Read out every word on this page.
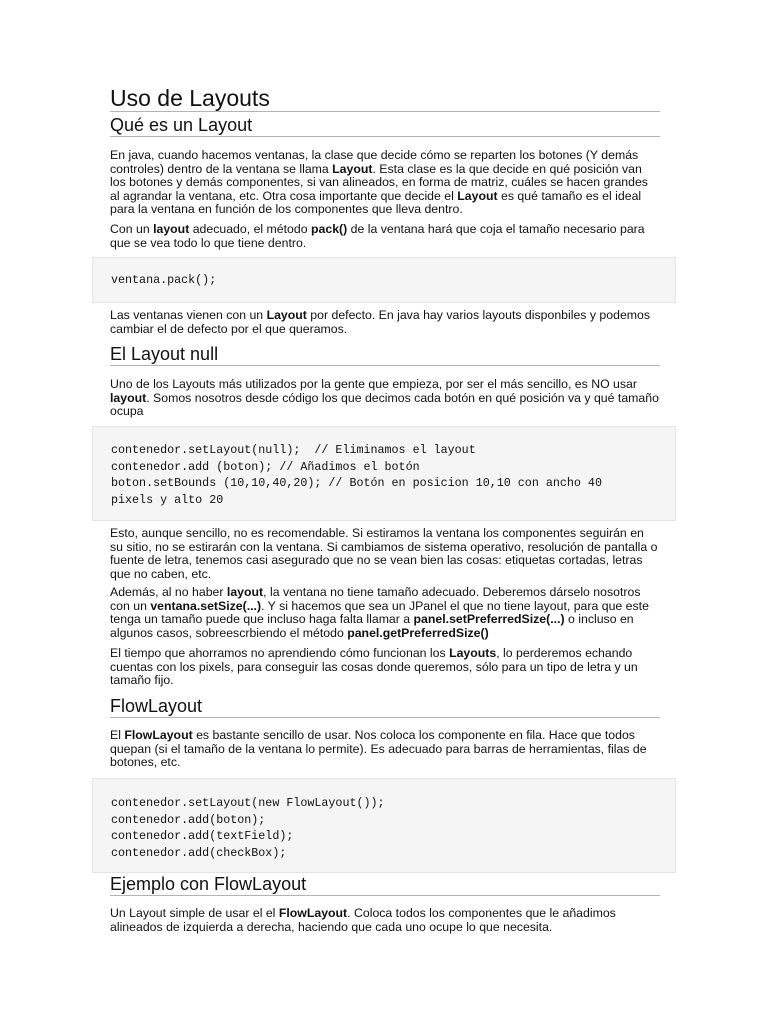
Uso de Layouts
Qué es un Layout

En java, cuando hacemos ventanas, la clase que decide cómo se reparten los botones (Y demás controles) dentro de la ventana se llama Layout. Esta clase es la que decide en qué posición van los botones y demás componentes, si van alineados, en forma de matriz, cuáles se hacen grandes al agrandar la ventana, etc. Otra cosa importante que decide el Layout es qué tamaño es el ideal para la ventana en función de los componentes que lleva dentro.

Con un layout adecuado, el método pack() de la ventana hará que coja el tamaño necesario para que se vea todo lo que tiene dentro.

ventana.pack();

Las ventanas vienen con un Layout por defecto. En java hay varios layouts disponbiles y podemos cambiar el de defecto por el que queramos.

El Layout null

Uno de los Layouts más utilizados por la gente que empieza, por ser el más sencillo, es NO usar layout. Somos nosotros desde código los que decimos cada botón en qué posición va y qué tamaño ocupa

contenedor.setLayout(null);  // Eliminamos el layout
contenedor.add (boton); // Añadimos el botón
boton.setBounds (10,10,40,20); // Botón en posicion 10,10 con ancho 40
pixels y alto 20

Esto, aunque sencillo, no es recomendable. Si estiramos la ventana los componentes seguirán en su sitio, no se estirarán con la ventana. Si cambiamos de sistema operativo, resolución de pantalla o fuente de letra, tenemos casi asegurado que no se vean bien las cosas: etiquetas cortadas, letras que no caben, etc.

Además, al no haber layout, la ventana no tiene tamaño adecuado. Deberemos dárselo nosotros con un ventana.setSize(...). Y si hacemos que sea un JPanel el que no tiene layout, para que este tenga un tamaño puede que incluso haga falta llamar a panel.setPreferredSize(...) o incluso en algunos casos, sobreescrbiendo el método panel.getPreferredSize()

El tiempo que ahorramos no aprendiendo cómo funcionan los Layouts, lo perderemos echando cuentas con los pixels, para conseguir las cosas donde queremos, sólo para un tipo de letra y un tamaño fijo.

FlowLayout

El FlowLayout es bastante sencillo de usar. Nos coloca los componente en fila. Hace que todos quepan (si el tamaño de la ventana lo permite). Es adecuado para barras de herramientas, filas de botones, etc.

contenedor.setLayout(new FlowLayout());
contenedor.add(boton);
contenedor.add(textField);
contenedor.add(checkBox);
Ejemplo con FlowLayout

Un Layout simple de usar el el FlowLayout. Coloca todos los componentes que le añadimos alineados de izquierda a derecha, haciendo que cada uno ocupe lo que necesita.
